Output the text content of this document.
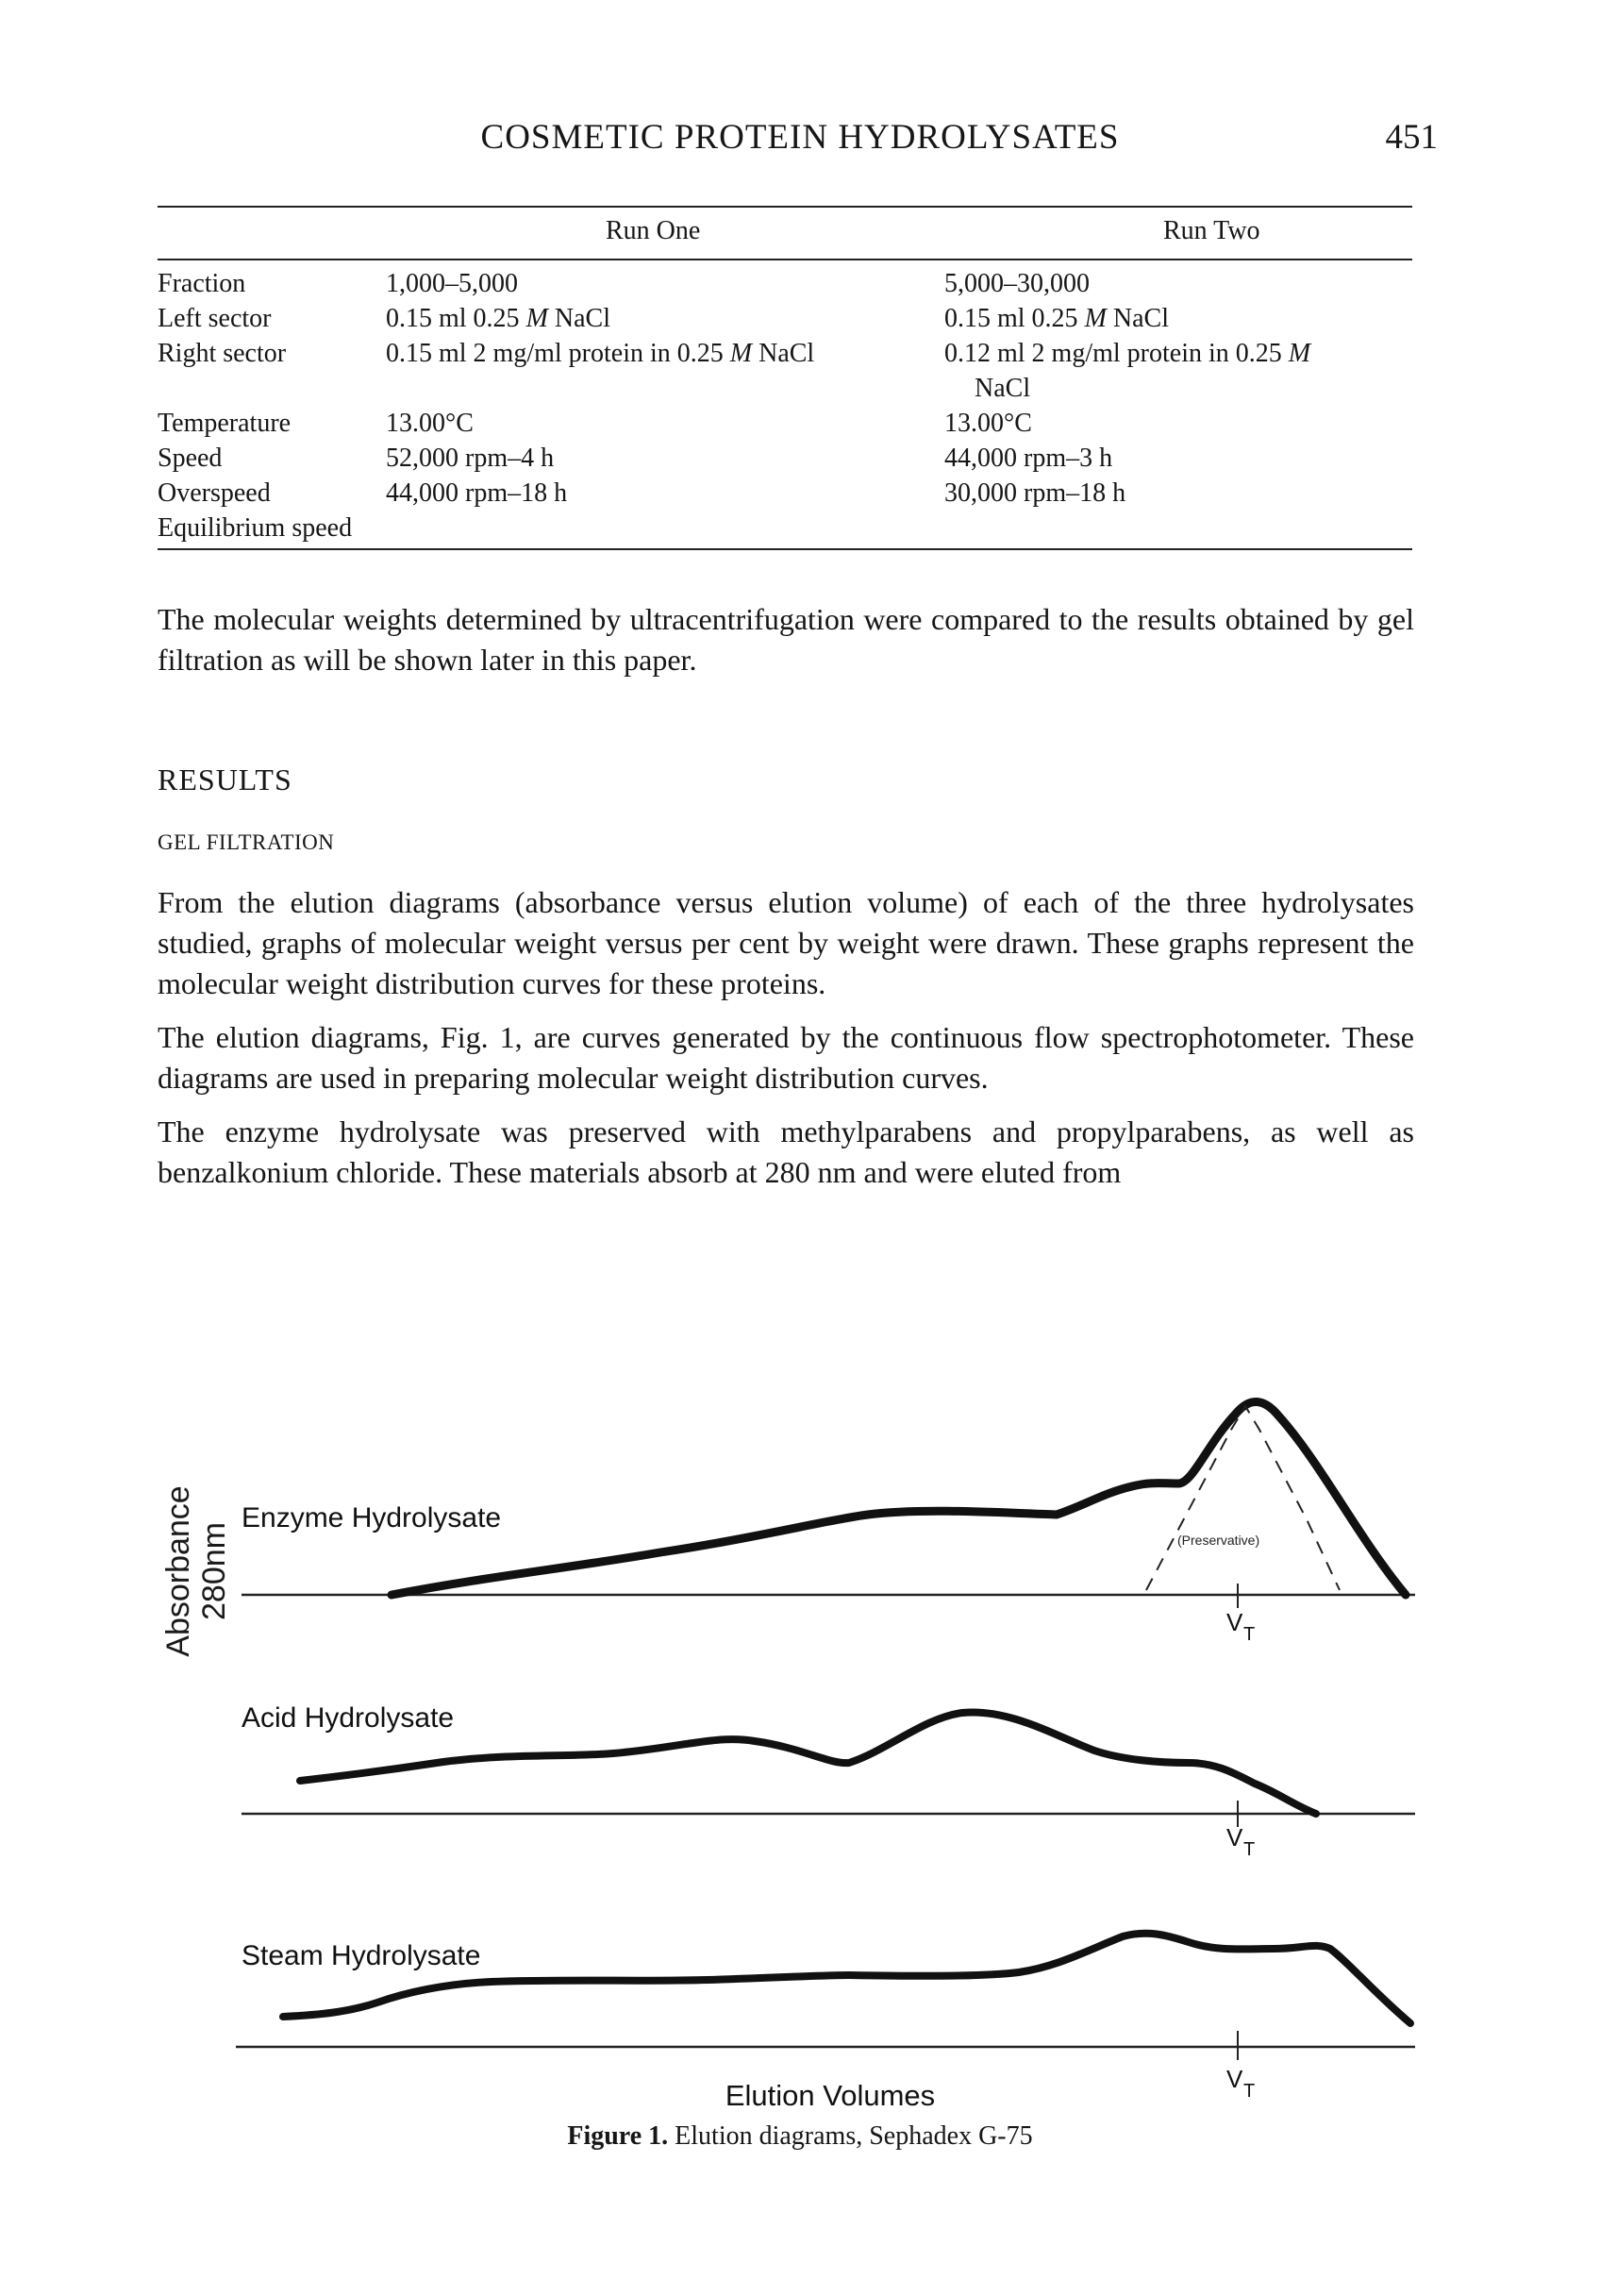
COSMETIC PROTEIN HYDROLYSATES	451
Run One	Run Two
Fraction
Left sector
Right sector

Temperature
Speed
Overspeed
Equilibrium speed
1,000–5,000
0.15 ml 0.25 M NaCl
0.15 ml 2 mg/ml protein in 0.25 M NaCl

13.00°C
52,000 rpm–4 h
44,000 rpm–18 h
5,000–30,000
0.15 ml 0.25 M NaCl
0.12 ml 2 mg/ml protein in 0.25 M
NaCl
13.00°C
44,000 rpm–3 h
30,000 rpm–18 h
The molecular weights determined by ultracentrifugation were compared to the results obtained by gel filtration as will be shown later in this paper.
RESULTS
GEL FILTRATION

From the elution diagrams (absorbance versus elution volume) of each of the three hydrolysates studied, graphs of molecular weight versus per cent by weight were drawn. These graphs represent the molecular weight distribution curves for these proteins.

The elution diagrams, Fig. 1, are curves generated by the continuous flow spectrophotometer. These diagrams are used in preparing molecular weight distribution curves.

The enzyme hydrolysate was preserved with methylparabens and propylparabens, as well as benzalkonium chloride. These materials absorb at 280 nm and were eluted from

Absorbance 280nm
Enzyme Hydrolysate
(Preservative)
V T
Acid Hydrolysate
V T
Steam Hydrolysate
V T
Elution Volumes
Figure 1. Elution diagrams, Sephadex G-75
